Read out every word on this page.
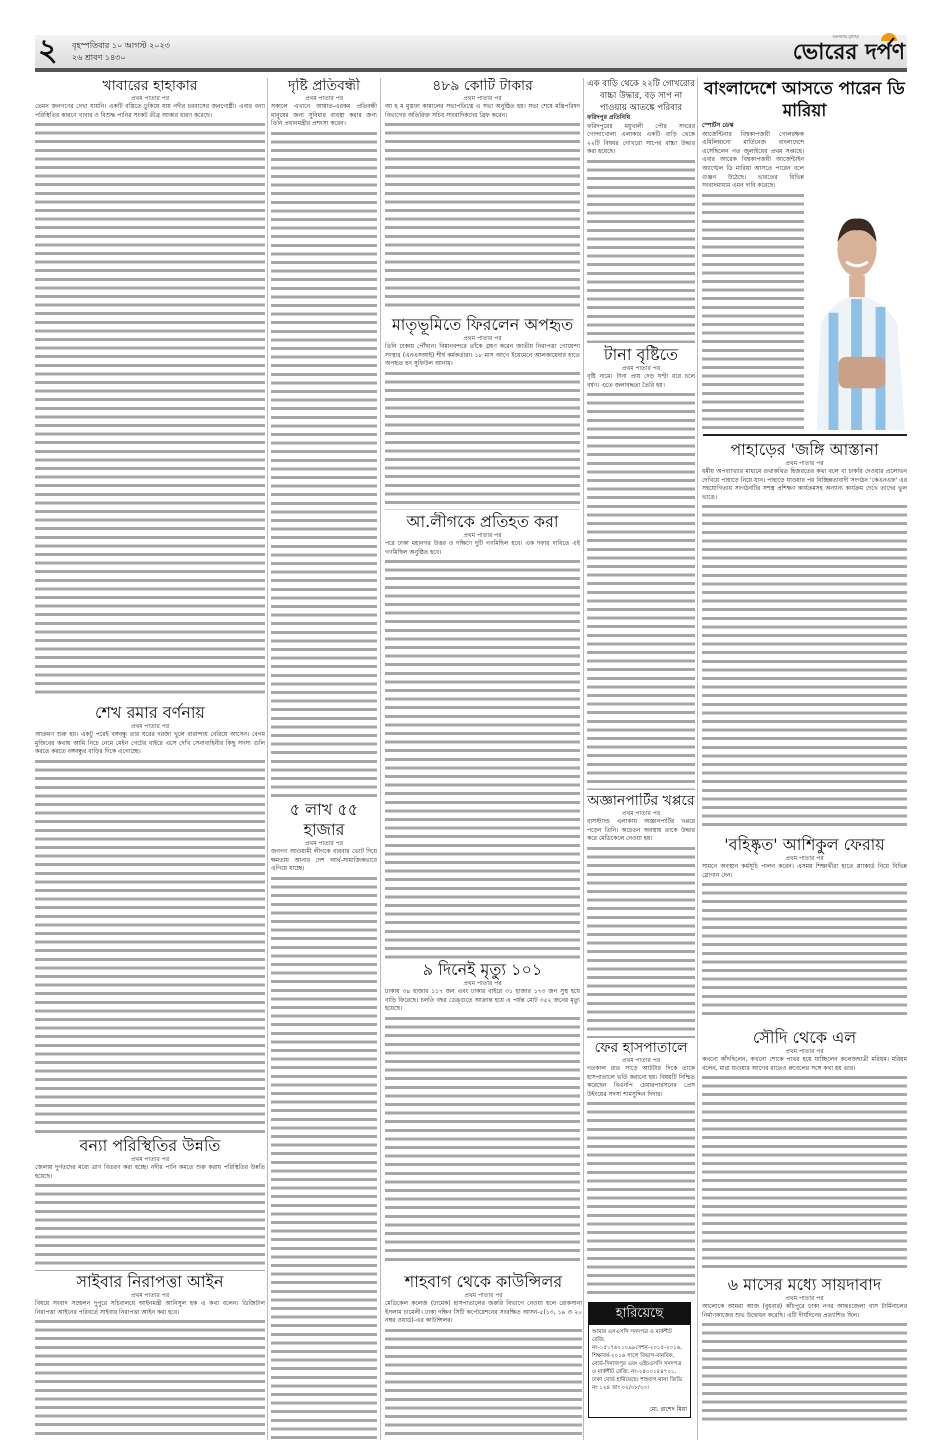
২ বৃহস্পতিবার ১০ আগস্ট ২০২৩
২৬ শ্রাবণ ১৪৩০
জনগণের মুখপত্র
ভোরের দর্পণ
খাবারের হাহাকার
প্রথম পাতার পর
তেমন জনগণের দেখা যায়নি। একটি বস্তিতে ঢুকিয়ে যায় নদীর চরবাসের জনগোষ্ঠী। এবার বন্যা পরিস্থিতির কারণে খাবার ও বিশুদ্ধ পানির সংকট তীব্র আকার ধারণ করেছে।
দৃষ্টি প্রতিবন্ধী
প্রথম পাতার পর
সকালে এখানে আয়াত-এরকম প্রতিবন্ধী মানুষের জন্য সুবিধার ব্যবস্থা করার জন্য তিনি প্রধানমন্ত্রীর প্রশংসা করেন।
৪৮৯ কোটি টাকার
প্রথম পাতার পর
আ হ ম মুস্তফা কামালের সভাপতিত্বে এ সভা অনুষ্ঠিত হয়। সভা শেষে মন্ত্রিপরিষদ বিভাগের অতিরিক্ত সচিব সাংবাদিকদের ব্রিফ করেন।
এক বাড়ি থেকে ২২টি গোখরোর বাচ্চা উদ্ধার, বড় সাপ না পাওয়ায় আতঙ্কে পরিবার
ফরিদপুর প্রতিনিধি
ফরিদপুরের মধুখালী পৌর সদরের গোন্দাখোলা এলাকার একটি বাড়ি থেকে ২২টি বিষধর গোখরো সাপের বাচ্চা উদ্ধার করা হয়েছে।
বাংলাদেশে আসতে পারেন ডি মারিয়া
স্পোর্টস ডেস্ক
আর্জেন্টিনার বিশ্বকাপজয়ী গোলরক্ষক এমিলিয়ানো মার্তিনেজ বাংলাদেশে এসেছিলেন গত জুলাইয়ের প্রথম সপ্তাহে। এবার আরেক বিশ্বকাপজয়ী আর্জেন্টাইন অ্যাঙ্খেল ডি মারিয়া আসতে পারেন বলে গুঞ্জন উঠেছে। ভারতের বিভিন্ন সংবাদমাধ্যম এমন দাবি করেছে।
মাতৃভূমিতে ফিরলেন অপহৃত
প্রথম পাতার পর
তিনি ঢাকায় পৌঁছান। বিমানবন্দরে তাঁকে গ্রহণ করেন জাতীয় নিরাপত্তা গোয়েন্দা সংস্থার (এনএসআই) শীর্ষ কর্মকর্তারা। ১৮ মাস আগে ইয়েমেনে আলকায়েদার হাতে অপহৃত হন সুফিউল আনাম।
আ.লীগকে প্রতিহত করা
প্রথম পাতার পর
পরে ঢাকা মহানগর উত্তর ও দক্ষিণে দুটি গণমিছিল হবে। এক দফার দাবিতে এই গণমিছিল অনুষ্ঠিত হবে।
টানা বৃষ্টিতে
প্রথম পাতার পর
বৃষ্টি নামে। টানা প্রায় দেড় ঘণ্টা ধরে চলে বর্ষণ। এতে জলাবদ্ধতা তৈরি হয়।
পাহাড়ের 'জঙ্গি আস্তানা
প্রথম পাতার পর
ধর্মীয় অপব্যাখ্যার মাধ্যমে তথাকথিত হিজরতের কথা বলে বা চাকরি দেওয়ার প্রলোভন দেখিয়ে পাহাড়ে নিয়ে যান। পাহাড়ে যাওয়ার পর বিচ্ছিন্নতাবাদী সংগঠন 'কেএনএফ' এর সহযোগিতায় সংগঠনটির সশস্ত্র প্রশিক্ষণ কার্যক্রমসহ অন্যান্য কার্যক্রম দেখে তাদের ভুল ভাঙে।
অজ্ঞানপার্টির খপ্পরে
প্রথম পাতার পর
বাসস্ট্যান্ড এলাকায় অজ্ঞানপার্টির খপ্পরে পড়েন তিনি। অচেতন অবস্থায় তাকে উদ্ধার করে মেডিকেলে নেওয়া হয়।
শেখ রমার বর্ণনায়
প্রথম পাতার পর
আক্রমণ শুরু হয়। একটু পরেই বঙ্গবন্ধু তার ঘরের দরজা খুলে বারান্দায় বেরিয়ে আসেন। বেগম মুজিবের কথায় আমি নিচে নেমে মেইন গেটের বাইরে এসে দেখি সেনাবাহিনীর কিছু সদস্য গুলি করতে করতে বঙ্গবন্ধুর বাড়ির দিকে এগোচ্ছে।
৫ লাখ ৫৫ হাজার
প্রথম পাতার পর
জনগণ আওয়ামী লীগকে বারবার ভোট দিয়ে ক্ষমতায় আনার দেশ আর্থ-সামাজিকভাবে এগিয়ে যাচ্ছে।
৯ দিনেই মৃত্যু ১০১
প্রথম পাতার পর
ঢাকায় ৩৪ হাজার ১১৭ জন এবং ঢাকার বাইরে ৩১ হাজার ১৭৩ জন সুস্থ হয়ে বাড়ি ফিরেছে। চলতি বছর ডেঙ্গুতে আক্রান্ত হয়ে এ পর্যন্ত মোট ৩৫২ জনের মৃত্যু হয়েছে।
'বহিষ্কৃত' আশিকুল ফেরায়
প্রথম পাতার পর
সামনে অবস্থান কর্মসূচি পালন করেন। এসময় শিক্ষার্থীরা হাতে প্ল্যাকার্ড নিয়ে বিভিন্ন স্লোগান দেন।
ফের হাসপাতালে
প্রথম পাতার পর
গতকাল রাত সাড়ে আটটার দিকে তাকে হাসপাতালে ভর্তি করানো হয়। বিষয়টি নিশ্চিত করেছেন বিএনপি চেয়ারপারসনের প্রেস উইংয়ের সদস্য শামসুদ্দিন দিদার।
সৌদি থেকে এল
প্রথম পাতার পর
কখনো কাঁদছিলেন, কখনো শোকে পাথর হয়ে যাচ্ছিলেন কলেজছাত্রী মরিয়ম। মরিয়ম বলেন, মারা যাওয়ার আগের রাতেও রুবেলের সঙ্গে কথা হয় তার।
বন্যা পরিস্থিতির উন্নতি
প্রথম পাতার পর
জেলায় দুর্গতদের মধ্যে ত্রাণ বিতরণ করা হচ্ছে। নদীর পানি কমতে শুরু করায় পরিস্থিতির উন্নতি হয়েছে।
সাইবার নিরাপত্তা আইন
প্রথম পাতার পর
বিষয়ে সংবাদ সম্মেলন দুপুরে সচিবালয়ে আইনমন্ত্রী আনিসুল হক এ কথা বলেন। ডিজিটাল নিরাপত্তা আইনের পরিবর্তে সাইবার নিরাপত্তা আইন করা হবে।
শাহবাগ থেকে কাউন্সিলর
প্রথম পাতার পর
মেডিকেল কলেজ (ঢামেক) হাসপাতালের জরুরি বিভাগে নেওয়া হলে রোকসানা ইসলাম চামেলী। ঢাকা দক্ষিণ সিটি কর্পোরেশনের সংরক্ষিত আসন-৫(১৩, ১৯ ও ২০ নম্বর ওয়ার্ড)-এর কাউন্সিলর।
৬ মাসের মধ্যে সায়দাবাদ
প্রথম পাতার পর
আলোকে আমরা আজ (বুধবার) কাঁচপুরে ঢাকা নগর আন্তঃজেলা বাস টার্মিনালের নির্মাণকাজের শুভ উদ্বোধন করেছি। এটি দীর্ঘদিনের প্রত্যাশিত ছিল।
হারিয়েছে
আমার এসএসসি সনদপত্র ও মার্কশীট রেজি. নং-১৫১৭৬২১০৯৯সেশন-২০১৫-২০১৬, শিক্ষাবর্ষ-২০১৬ সালে বিভাগ-মানবিক, বোর্ড-দিনাজপুর এবং এইচএসসি সনদপত্র ও মার্কশীট রেজি. নং-২৪০০১৫৪৭০১, ঢাকা বোর্ড হারিয়েছে। শাহবাগ থানা জিডি নং ১২৪ তাং ০২/০৮/২৩।
মো. রাশেদ মিয়া
